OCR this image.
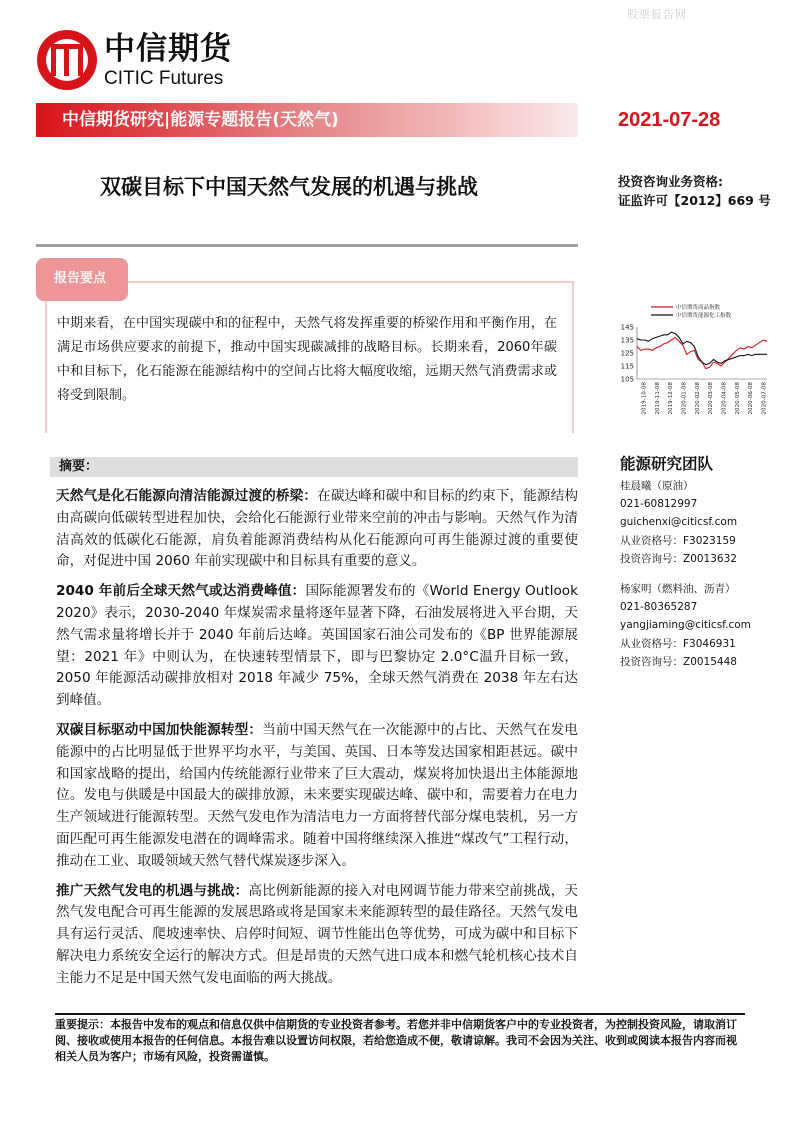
股票报告网
中信期货
CITIC Futures
中信期货研究|能源专题报告(天然气)	2021-07-28
双碳目标下中国天然气发展的机遇与挑战	投资咨询业务资格:
证监许可【2012】669 号
报告要点
中期来看，在中国实现碳中和的征程中，天然气将发挥重要的桥梁作用和平衡作用，在满足市场供应要求的前提下，推动中国实现碳减排的战略目标。长期来看，2060年碳中和目标下，化石能源在能源结构中的空间占比将大幅度收缩，远期天然气消费需求或将受到限制。
145
135
125
115
105
2019-10-08 2019-11-08 2019-12-08 2020-01-08 2020-02-08 2020-03-08 2020-04-08 2020-05-08 2020-06-08 2020-07-08
中信期货商品指数
中信期货能源化工指数
摘要：
天然气是化石能源向清洁能源过渡的桥梁：在碳达峰和碳中和目标的约束下，能源结构由高碳向低碳转型进程加快，会给化石能源行业带来空前的冲击与影响。天然气作为清洁高效的低碳化石能源，肩负着能源消费结构从化石能源向可再生能源过渡的重要使命，对促进中国 2060 年前实现碳中和目标具有重要的意义。
2040 年前后全球天然气或达消费峰值：国际能源署发布的《World Energy Outlook 2020》表示，2030-2040 年煤炭需求量将逐年显著下降，石油发展将进入平台期，天然气需求量将增长并于 2040 年前后达峰。英国国家石油公司发布的《BP 世界能源展望：2021 年》中则认为，在快速转型情景下，即与巴黎协定 2.0°C温升目标一致，2050 年能源活动碳排放相对 2018 年减少 75%，全球天然气消费在 2038 年左右达到峰值。
双碳目标驱动中国加快能源转型：当前中国天然气在一次能源中的占比、天然气在发电能源中的占比明显低于世界平均水平，与美国、英国、日本等发达国家相距甚远。碳中和国家战略的提出，给国内传统能源行业带来了巨大震动，煤炭将加快退出主体能源地位。发电与供暖是中国最大的碳排放源，未来要实现碳达峰、碳中和，需要着力在电力生产领域进行能源转型。天然气发电作为清洁电力一方面将替代部分煤电装机，另一方面匹配可再生能源发电潜在的调峰需求。随着中国将继续深入推进“煤改气”工程行动，推动在工业、取暖领域天然气替代煤炭逐步深入。
推广天然气发电的机遇与挑战：高比例新能源的接入对电网调节能力带来空前挑战，天然气发电配合可再生能源的发展思路或将是国家未来能源转型的最佳路径。天然气发电具有运行灵活、爬坡速率快、启停时间短、调节性能出色等优势，可成为碳中和目标下解决电力系统安全运行的解决方式。但是昂贵的天然气进口成本和燃气轮机核心技术自主能力不足是中国天然气发电面临的两大挑战。
能源研究团队
桂晨曦（原油）
021-60812997
guichenxi@citicsf.com
从业资格号：F3023159
投资咨询号：Z0013632
杨家明（燃料油、沥青）
021-80365287
yangjiaming@citicsf.com
从业资格号：F3046931
投资咨询号：Z0015448
重要提示：本报告中发布的观点和信息仅供中信期货的专业投资者参考。若您并非中信期货客户中的专业投资者，为控制投资风险，请取消订阅、接收或使用本报告的任何信息。本报告难以设置访问权限，若给您造成不便，敬请谅解。我司不会因为关注、收到或阅读本报告内容而视相关人员为客户；市场有风险，投资需谨慎。
